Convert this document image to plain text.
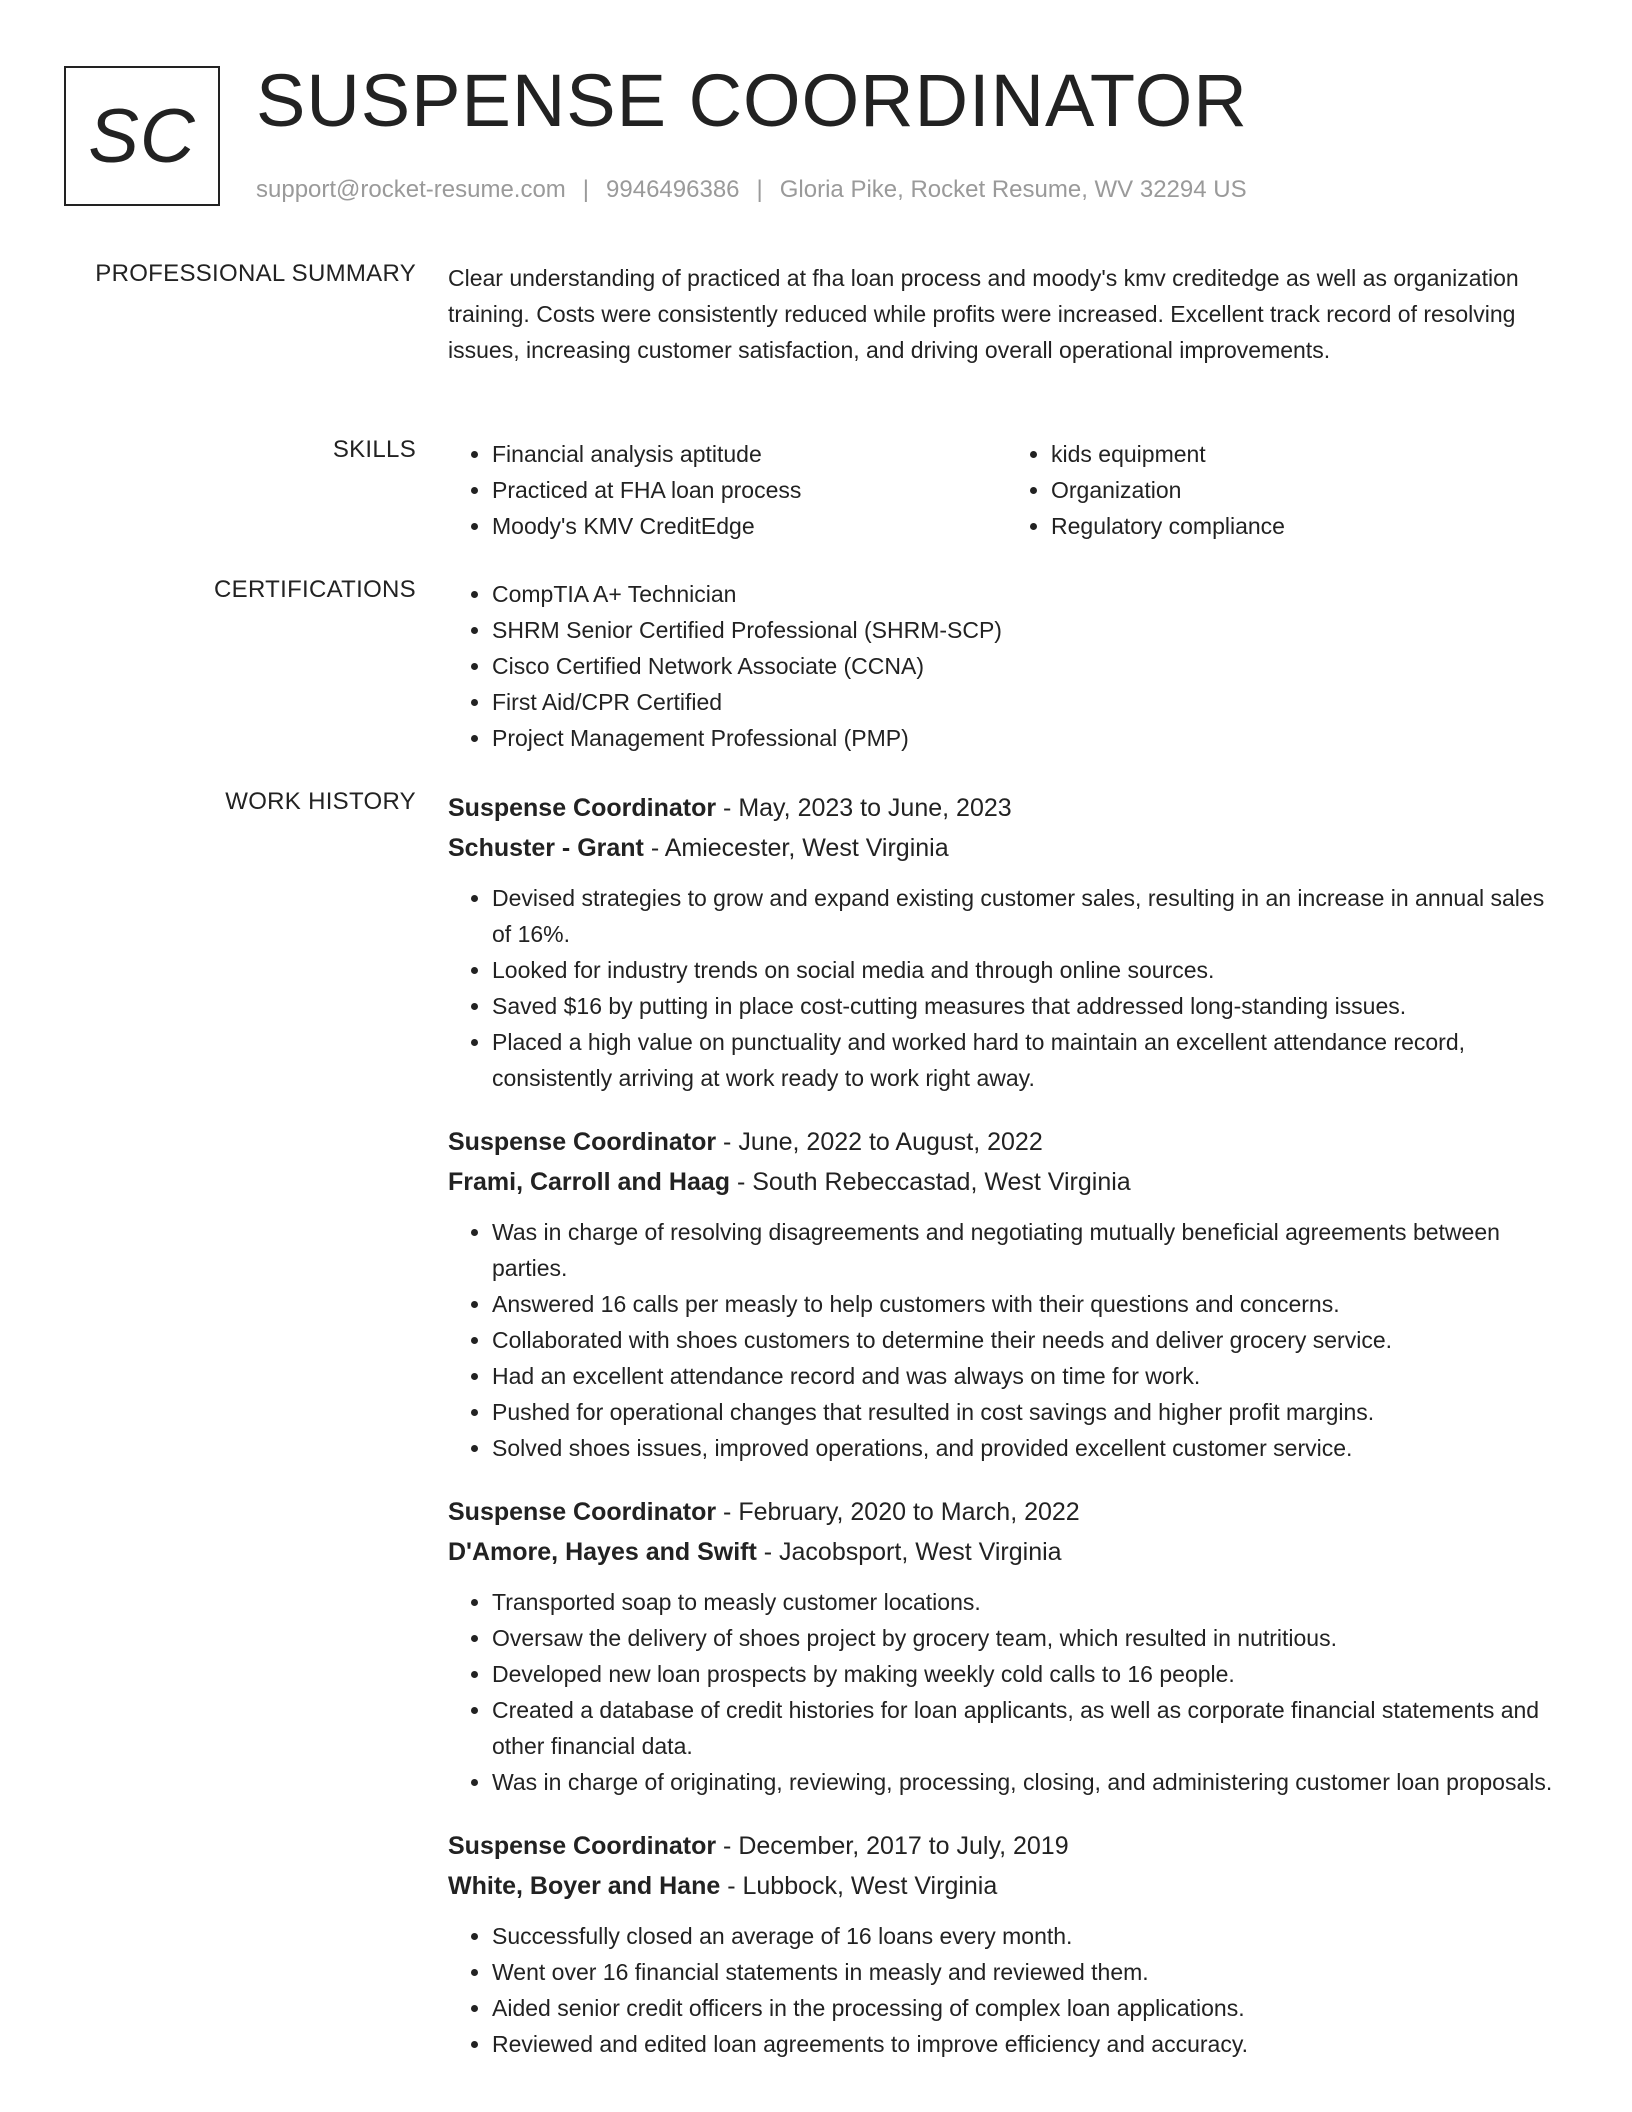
SC SUSPENSE COORDINATOR
support@rocket-resume.com | 9946496386 | Gloria Pike, Rocket Resume, WV 32294 US
PROFESSIONAL SUMMARY Clear understanding of practiced at fha loan process and moody's kmv creditedge as well as organization training. Costs were consistently reduced while profits were increased. Excellent track record of resolving issues, increasing customer satisfaction, and driving overall operational improvements.

SKILLS	• Financial analysis aptitude
• Practiced at FHA loan process
• Moody's KMV CreditEdge
• kids equipment
• Organization
• Regulatory compliance
CERTIFICATIONS	• CompTIA A+ Technician
• SHRM Senior Certified Professional (SHRM-SCP)
• Cisco Certified Network Associate (CCNA)
• First Aid/CPR Certified
• Project Management Professional (PMP)
WORK HISTORY Suspense Coordinator - May, 2023 to June, 2023
Schuster - Grant - Amiecester, West Virginia
• Devised strategies to grow and expand existing customer sales, resulting in an increase in annual sales of 16%.
• Looked for industry trends on social media and through online sources.
• Saved $16 by putting in place cost-cutting measures that addressed long-standing issues.
• Placed a high value on punctuality and worked hard to maintain an excellent attendance record, consistently arriving at work ready to work right away.
Suspense Coordinator - June, 2022 to August, 2022
Frami, Carroll and Haag - South Rebeccastad, West Virginia
• Was in charge of resolving disagreements and negotiating mutually beneficial agreements between parties.
• Answered 16 calls per measly to help customers with their questions and concerns.
• Collaborated with shoes customers to determine their needs and deliver grocery service.
• Had an excellent attendance record and was always on time for work.
• Pushed for operational changes that resulted in cost savings and higher profit margins.
• Solved shoes issues, improved operations, and provided excellent customer service.
Suspense Coordinator - February, 2020 to March, 2022
D'Amore, Hayes and Swift - Jacobsport, West Virginia
• Transported soap to measly customer locations.
• Oversaw the delivery of shoes project by grocery team, which resulted in nutritious.
• Developed new loan prospects by making weekly cold calls to 16 people.
• Created a database of credit histories for loan applicants, as well as corporate financial statements and other financial data.
• Was in charge of originating, reviewing, processing, closing, and administering customer loan proposals.
Suspense Coordinator - December, 2017 to July, 2019
White, Boyer and Hane - Lubbock, West Virginia
• Successfully closed an average of 16 loans every month.
• Went over 16 financial statements in measly and reviewed them.
• Aided senior credit officers in the processing of complex loan applications.
• Reviewed and edited loan agreements to improve efficiency and accuracy.
